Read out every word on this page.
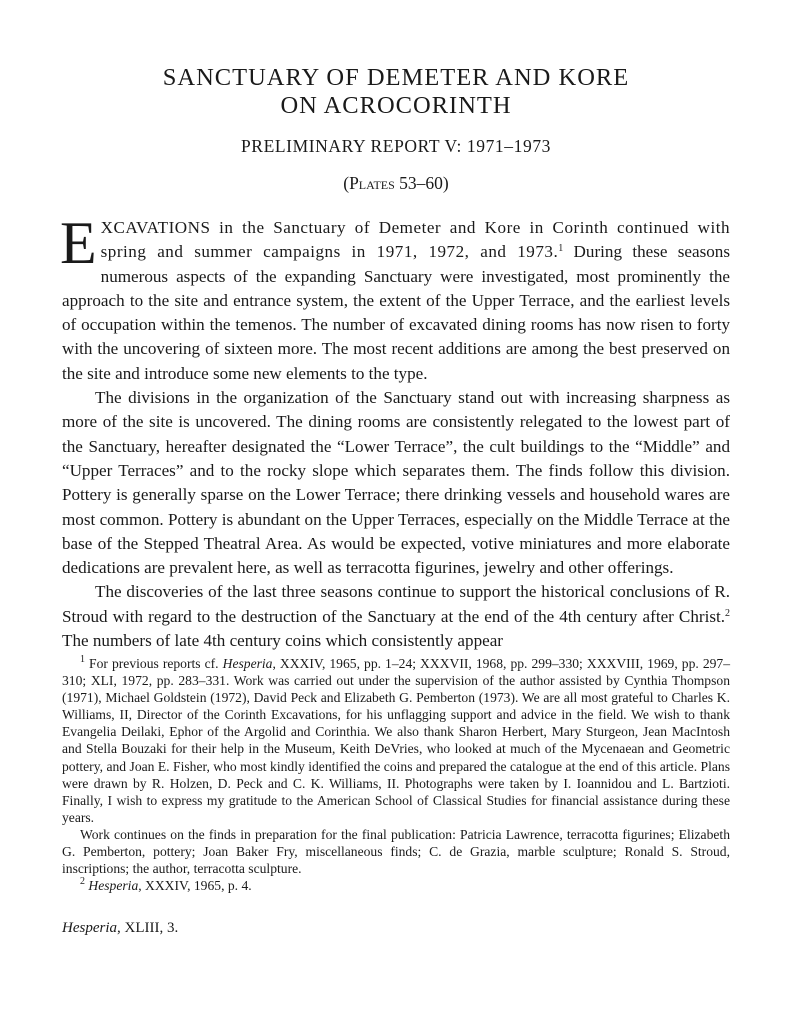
SANCTUARY OF DEMETER AND KORE
ON ACROCORINTH
PRELIMINARY REPORT V: 1971–1973
(Plates 53–60)

EXCAVATIONS in the Sanctuary of Demeter and Kore in Corinth continued with spring and summer campaigns in 1971, 1972, and 1973.$^1$ During these seasons numerous aspects of the expanding Sanctuary were investigated, most prominently the approach to the site and entrance system, the extent of the Upper Terrace, and the earliest levels of occupation within the temenos. The number of excavated dining rooms has now risen to forty with the uncovering of sixteen more. The most recent additions are among the best preserved on the site and introduce some new elements to the type.

The divisions in the organization of the Sanctuary stand out with increasing sharpness as more of the site is uncovered. The dining rooms are consistently relegated to the lowest part of the Sanctuary, hereafter designated the “Lower Terrace”, the cult buildings to the “Middle” and “Upper Terraces” and to the rocky slope which separates them. The finds follow this division. Pottery is generally sparse on the Lower Terrace; there drinking vessels and household wares are most common. Pottery is abundant on the Upper Terraces, especially on the Middle Terrace at the base of the Stepped Theatral Area. As would be expected, votive miniatures and more elaborate dedications are prevalent here, as well as terracotta figurines, jewelry and other offerings.

The discoveries of the last three seasons continue to support the historical conclusions of R. Stroud with regard to the destruction of the Sanctuary at the end of the 4th century after Christ.$^2$ The numbers of late 4th century coins which consistently appear

$^1$ For previous reports cf. Hesperia, XXXIV, 1965, pp. 1–24; XXXVII, 1968, pp. 299–330; XXXVIII, 1969, pp. 297–310; XLI, 1972, pp. 283–331. Work was carried out under the supervision of the author assisted by Cynthia Thompson (1971), Michael Goldstein (1972), David Peck and Elizabeth G. Pemberton (1973). We are all most grateful to Charles K. Williams, II, Director of the Corinth Excavations, for his unflagging support and advice in the field. We wish to thank Evangelia Deilaki, Ephor of the Argolid and Corinthia. We also thank Sharon Herbert, Mary Sturgeon, Jean MacIntosh and Stella Bouzaki for their help in the Museum, Keith DeVries, who looked at much of the Mycenaean and Geometric pottery, and Joan E. Fisher, who most kindly identified the coins and prepared the catalogue at the end of this article. Plans were drawn by R. Holzen, D. Peck and C. K. Williams, II. Photographs were taken by I. Ioannidou and L. Bartzioti. Finally, I wish to express my gratitude to the American School of Classical Studies for financial assistance during these years.

Work continues on the finds in preparation for the final publication: Patricia Lawrence, terracotta figurines; Elizabeth G. Pemberton, pottery; Joan Baker Fry, miscellaneous finds; C. de Grazia, marble sculpture; Ronald S. Stroud, inscriptions; the author, terracotta sculpture.

$^2$ Hesperia, XXXIV, 1965, p. 4.

Hesperia, XLIII, 3.
